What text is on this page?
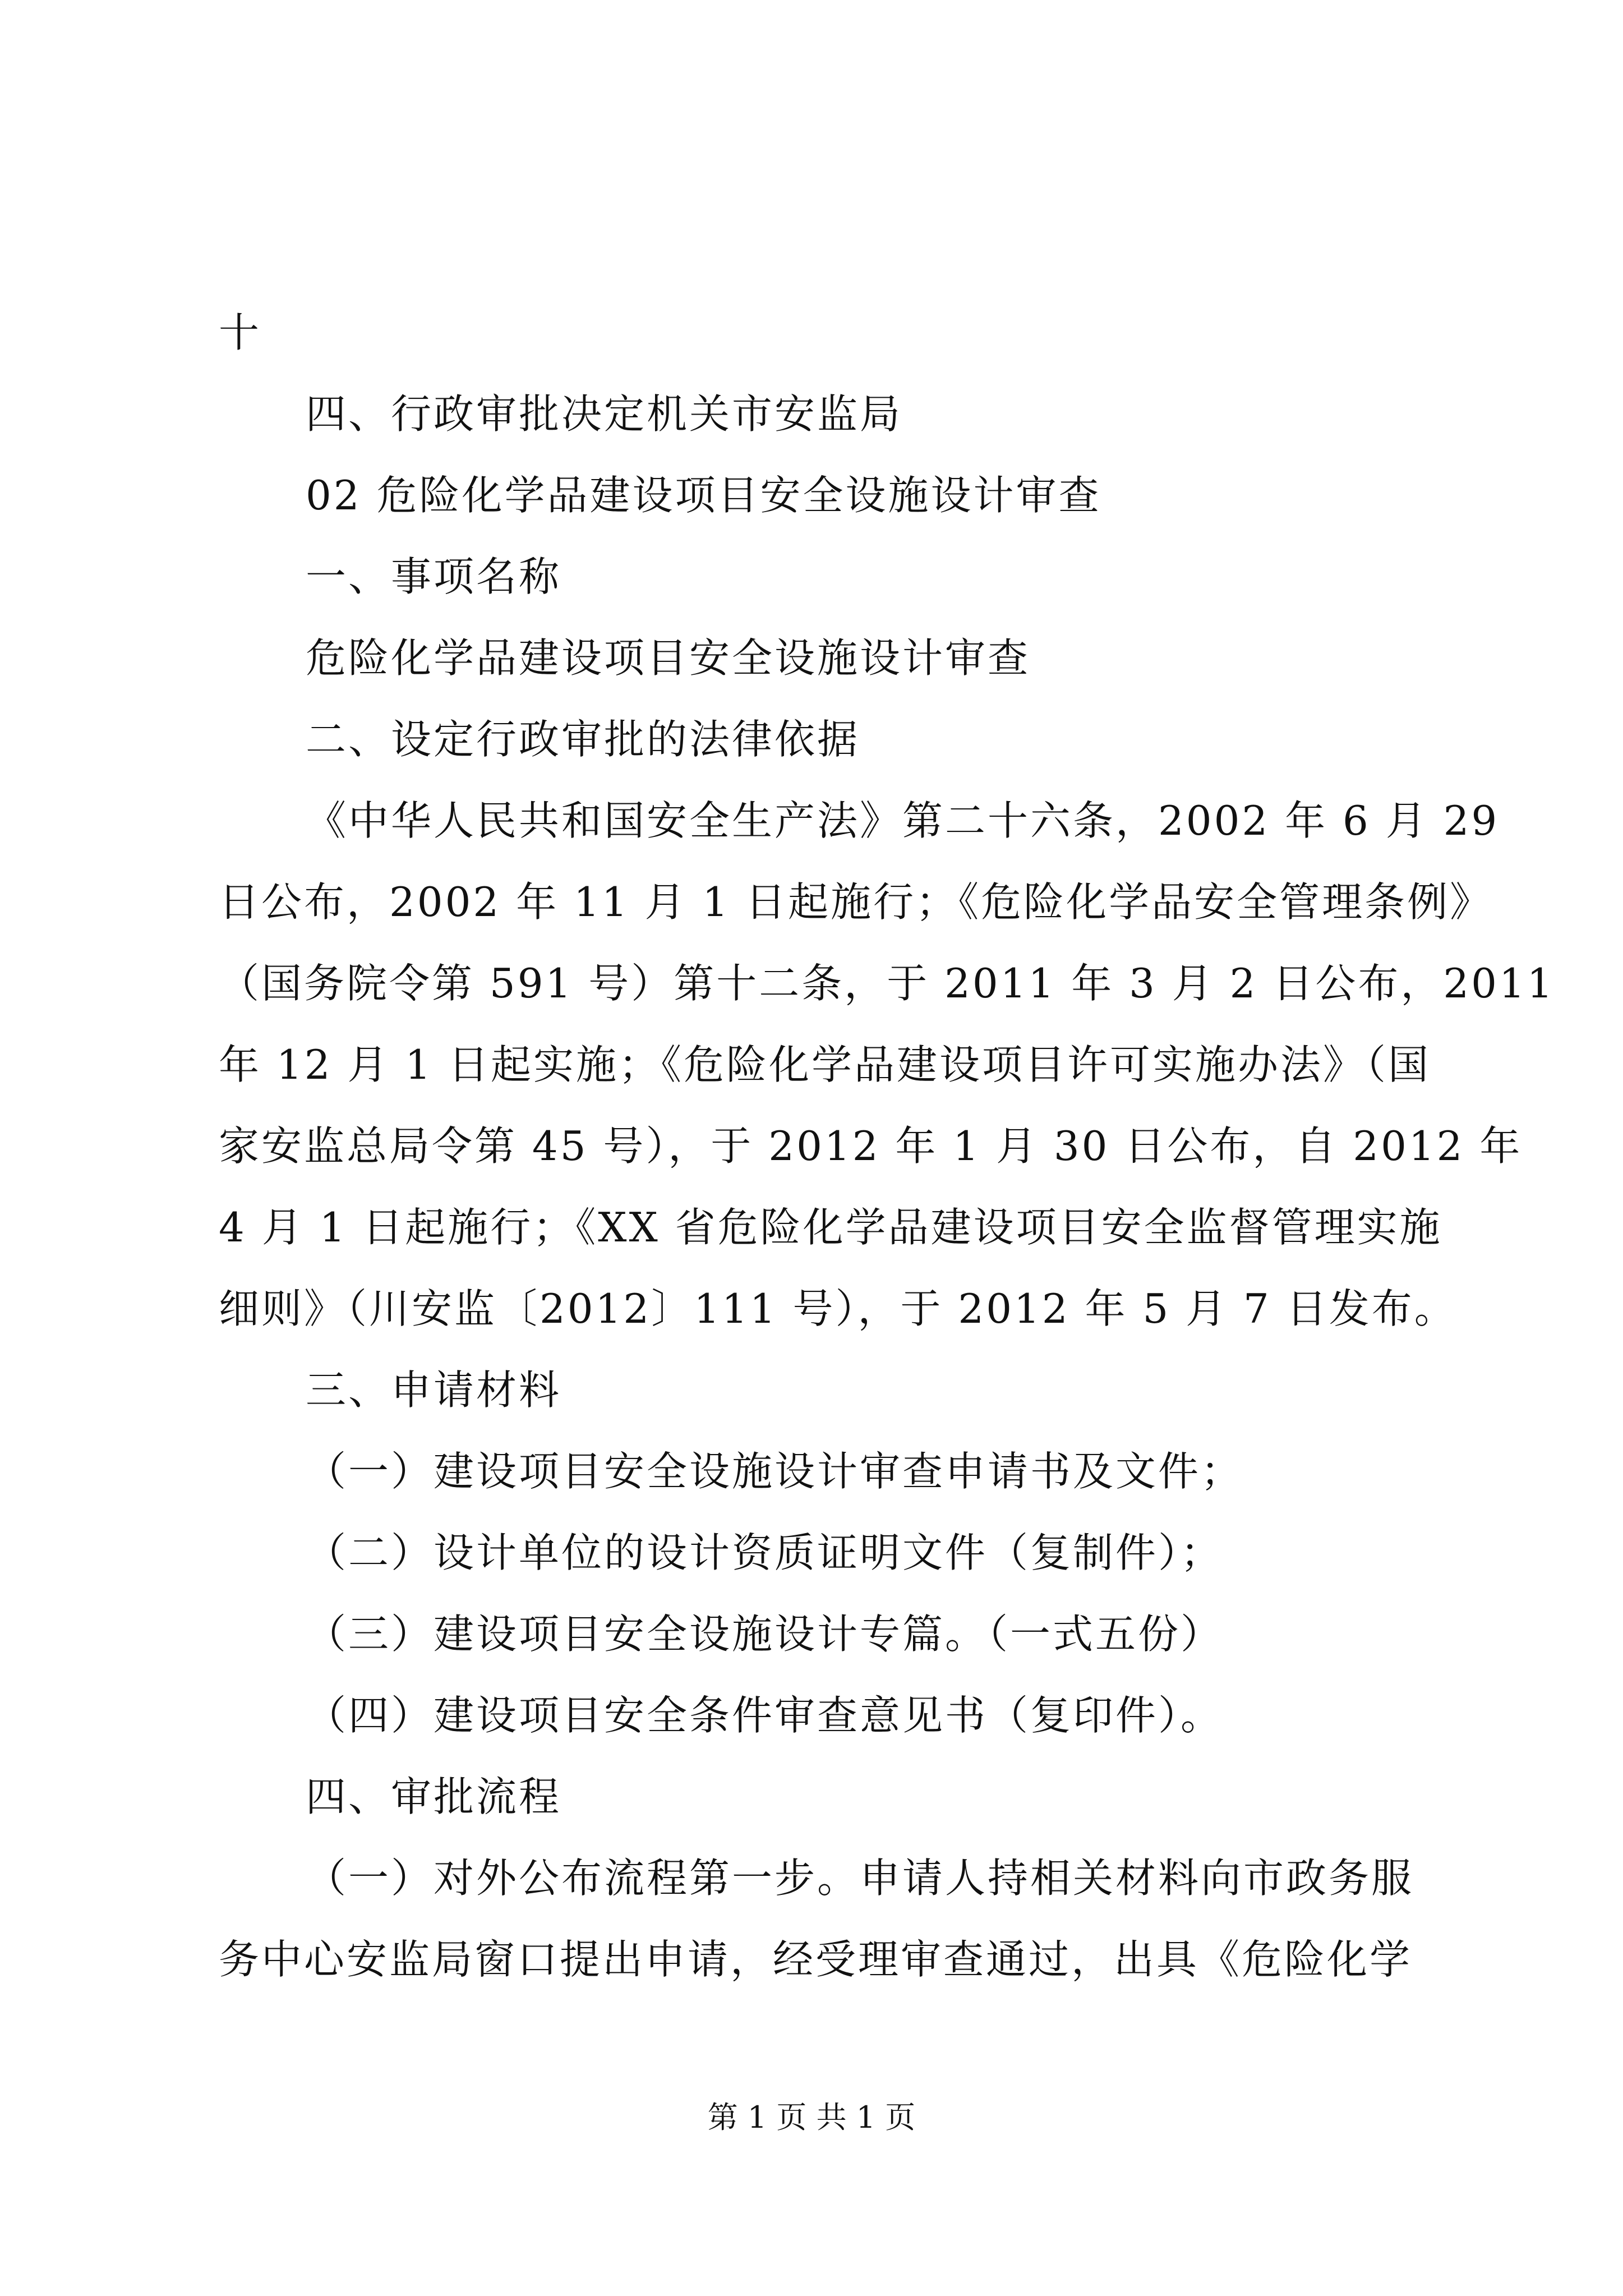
十
四、行政审批决定机关市安监局
02 危险化学品建设项目安全设施设计审查
一、事项名称
危险化学品建设项目安全设施设计审查
二、设定行政审批的法律依据
《中华人民共和国安全生产法》第二十六条，2002 年 6 月 29
日公布，2002 年 11 月 1 日起施行；《危险化学品安全管理条例》
（国务院令第 591 号）第十二条，于 2011 年 3 月 2 日公布，2011
年 12 月 1 日起实施；《危险化学品建设项目许可实施办法》（国
家安监总局令第 45 号），于 2012 年 1 月 30 日公布，自 2012 年
4 月 1 日起施行；《XX 省危险化学品建设项目安全监督管理实施
细则》（川安监〔2012〕111 号），于 2012 年 5 月 7 日发布。
三、申请材料
（一）建设项目安全设施设计审查申请书及文件；
（二）设计单位的设计资质证明文件（复制件）；
（三）建设项目安全设施设计专篇。（一式五份）
（四）建设项目安全条件审查意见书（复印件）。
四、审批流程
（一）对外公布流程第一步。申请人持相关材料向市政务服
务中心安监局窗口提出申请，经受理审查通过，出具《危险化学
第 1 页 共 1 页
